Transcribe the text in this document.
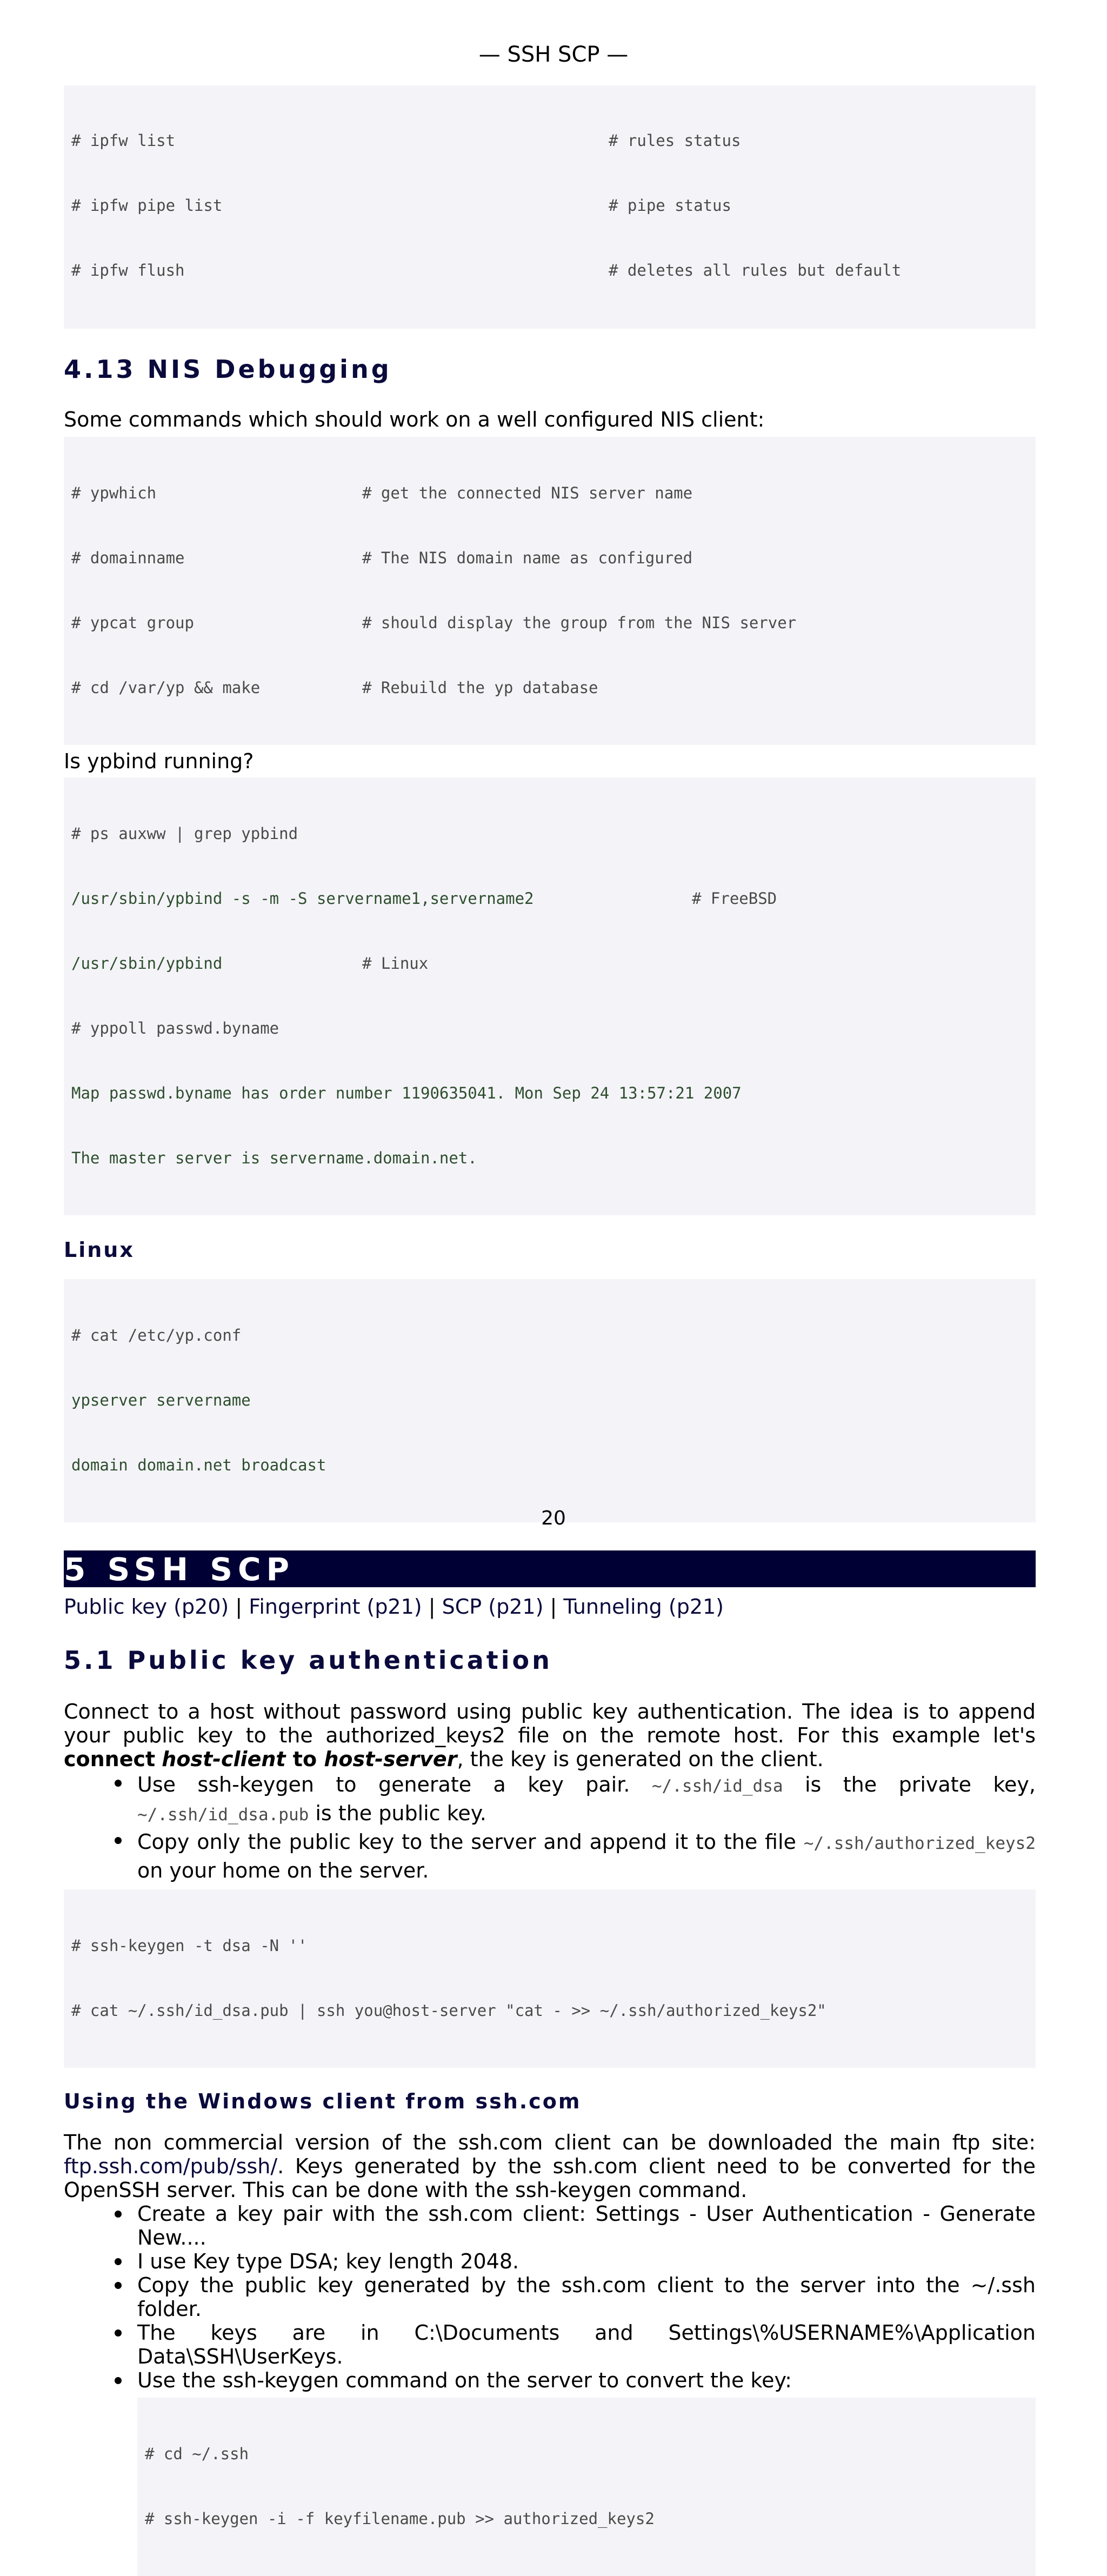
— SSH SCP —

# ipfw list	# rules status

# ipfw pipe list	# pipe status

# ipfw flush	# deletes all rules but default

4.13 NIS Debugging
Some commands which should work on a well configured NIS client:

# ypwhich	# get the connected NIS server name

# domainname	# The NIS domain name as configured

# ypcat group	# should display the group from the NIS server

# cd /var/yp && make	# Rebuild the yp database

Is ypbind running?

# ps auxww | grep ypbind

/usr/sbin/ypbind -s -m -S servername1,servername2	# FreeBSD

/usr/sbin/ypbind	# Linux

# yppoll passwd.byname

Map passwd.byname has order number 1190635041. Mon Sep 24 13:57:21 2007

The master server is servername.domain.net.

Linux

# cat /etc/yp.conf

ypserver servername

domain domain.net broadcast

5 SSH SCP
Public key (p20) | Fingerprint (p21) | SCP (p21) | Tunneling (p21)
5.1 Public key authentication
Connect to a host without password using public key authentication. The idea is to append your public key to the authorized_keys2 file on the remote host. For this example let's connect host-client to host-server, the key is generated on the client.
Use ssh-keygen to generate a key pair. ~/.ssh/id_dsa is the private key, ~/.ssh/id_dsa.pub is the public key.
Copy only the public key to the server and append it to the file ~/.ssh/authorized_keys2 on your home on the server.

# ssh-keygen -t dsa -N ''

# cat ~/.ssh/id_dsa.pub | ssh you@host-server "cat - >> ~/.ssh/authorized_keys2"

Using the Windows client from ssh.com
The non commercial version of the ssh.com client can be downloaded the main ftp site: ftp.ssh.com/pub/ssh/. Keys generated by the ssh.com client need to be converted for the OpenSSH server. This can be done with the ssh-keygen command.
Create a key pair with the ssh.com client: Settings - User Authentication - Generate New....
I use Key type DSA; key length 2048.
Copy the public key generated by the ssh.com client to the server into the ~/.ssh folder.
The keys are in C:\Documents and Settings\%USERNAME%\Application Data\SSH\UserKeys.
Use the ssh-keygen command on the server to convert the key:

# cd ~/.ssh

# ssh-keygen -i -f keyfilename.pub >> authorized_keys2

20
